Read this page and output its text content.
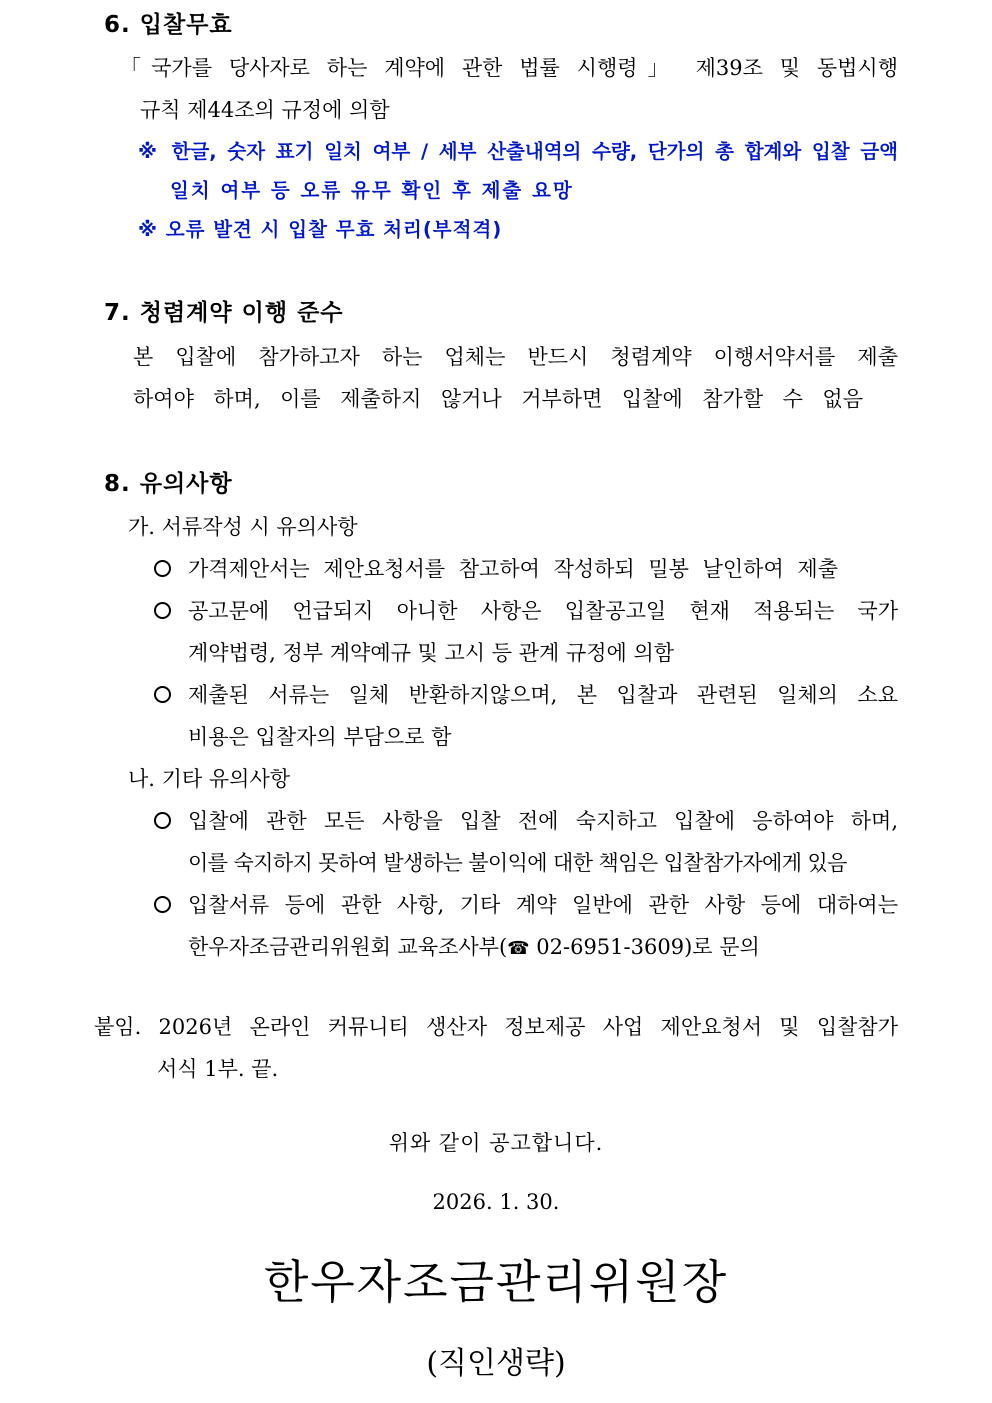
6. 입찰무효
「국가를 당사자로 하는 계약에 관한 법률 시행령」 제39조 및 동법시행
규칙 제44조의 규정에 의함
※ 한글, 숫자 표기 일치 여부 / 세부 산출내역의 수량, 단가의 총 합계와 입찰 금액
일치 여부 등 오류 유무 확인 후 제출 요망
※ 오류 발견 시 입찰 무효 처리(부적격)
7. 청렴계약 이행 준수
본 입찰에 참가하고자 하는 업체는 반드시 청렴계약 이행서약서를 제출
하여야 하며, 이를 제출하지 않거나 거부하면 입찰에 참가할 수 없음
8. 유의사항
가. 서류작성 시 유의사항
가격제안서는 제안요청서를 참고하여 작성하되 밀봉 날인하여 제출
공고문에 언급되지 아니한 사항은 입찰공고일 현재 적용되는 국가
계약법령, 정부 계약예규 및 고시 등 관계 규정에 의함
제출된 서류는 일체 반환하지않으며, 본 입찰과 관련된 일체의 소요
비용은 입찰자의 부담으로 함
나. 기타 유의사항
입찰에 관한 모든 사항을 입찰 전에 숙지하고 입찰에 응하여야 하며,
이를 숙지하지 못하여 발생하는 불이익에 대한 책임은 입찰참가자에게 있음
입찰서류 등에 관한 사항, 기타 계약 일반에 관한 사항 등에 대하여는
한우자조금관리위원회 교육조사부(☎ 02-6951-3609)로 문의
붙임. 2026년 온라인 커뮤니티 생산자 정보제공 사업 제안요청서 및 입찰참가
서식 1부. 끝.
위와 같이 공고합니다.
2026. 1. 30.
한우자조금관리위원장
(직인생략)
